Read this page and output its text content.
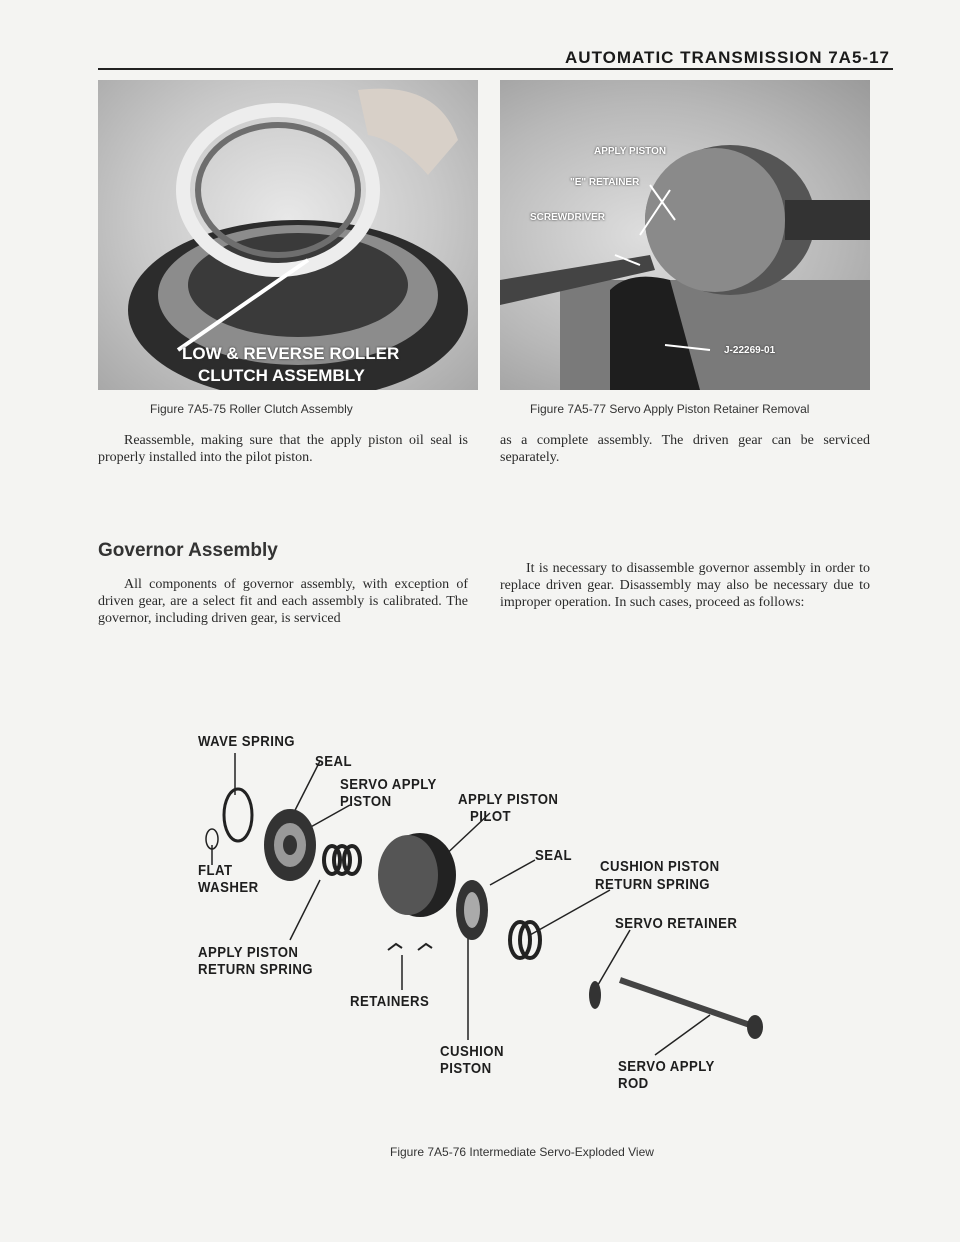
AUTOMATIC TRANSMISSION 7A5-17
LOW & REVERSE ROLLER
CLUTCH ASSEMBLY
Figure 7A5-75 Roller Clutch Assembly
APPLY PISTON
"E" RETAINER
SCREWDRIVER
J-22269-01
Figure 7A5-77 Servo Apply Piston Retainer Removal
Reassemble, making sure that the apply piston oil seal is properly installed into the pilot piston.
as a complete assembly. The driven gear can be serviced separately.
Governor Assembly
All components of governor assembly, with exception of driven gear, are a select fit and each assembly is calibrated. The governor, including driven gear, is serviced
It is necessary to disassemble governor assembly in order to replace driven gear. Disassembly may also be necessary due to improper operation. In such cases, proceed as follows:
WAVE SPRING
SEAL
SERVO APPLY
PISTON	APPLY PISTON
PILOT
SEAL
CUSHION PISTON
RETURN SPRING
FLAT
WASHER
SERVO RETAINER
APPLY PISTON
RETURN SPRING
RETAINERS
CUSHION
PISTON	SERVO APPLY
ROD
Figure 7A5-76 Intermediate Servo-Exploded View
